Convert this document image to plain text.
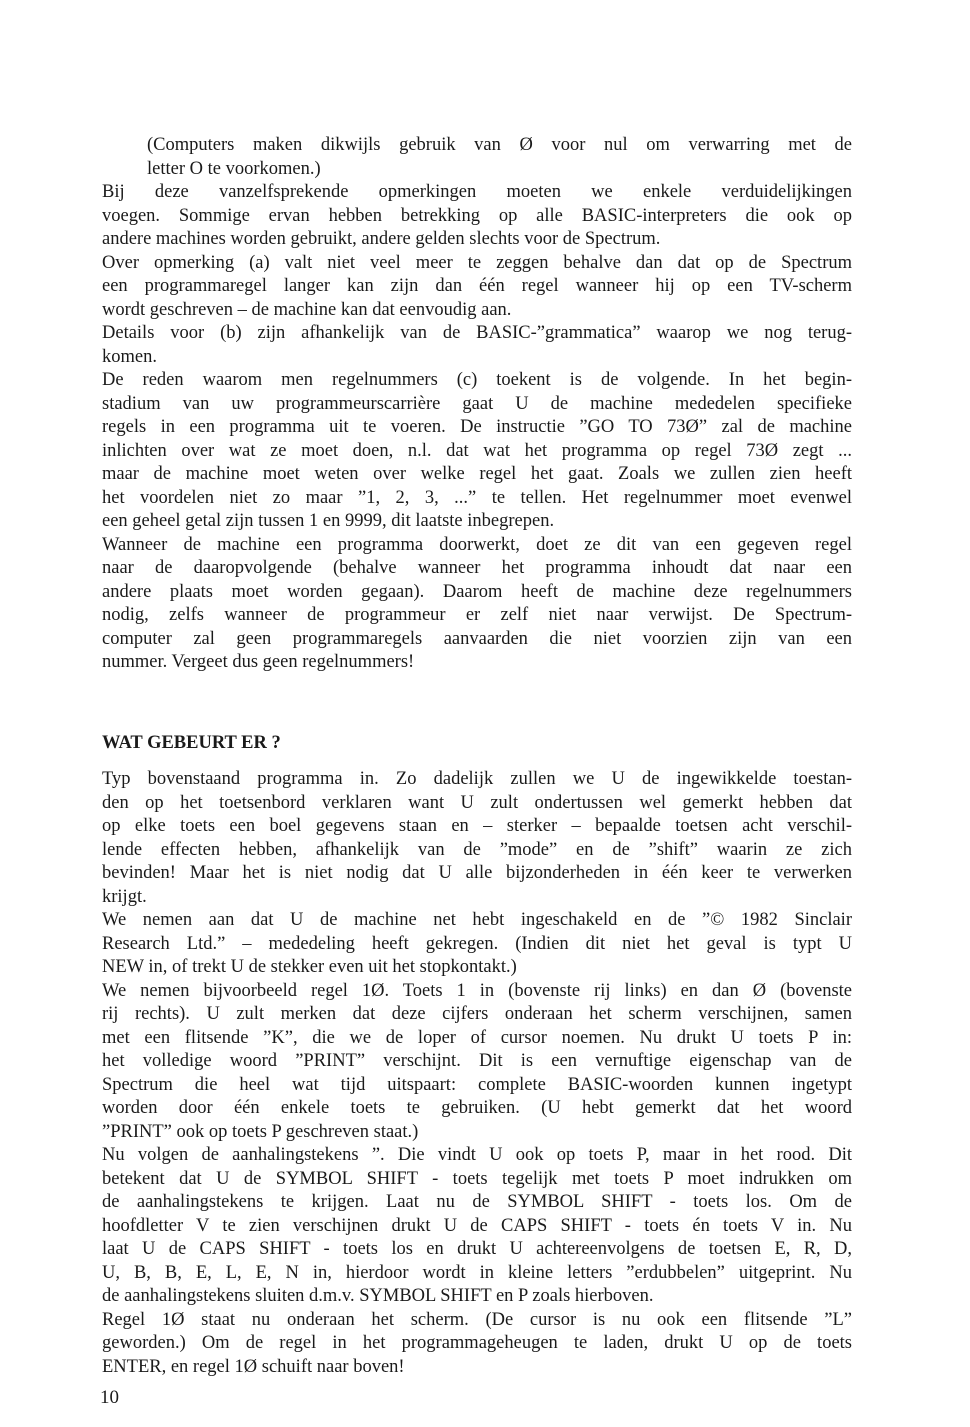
(Computers maken dikwijls gebruik van Ø voor nul om verwarring met de
letter O te voorkomen.)
Bij deze vanzelfsprekende opmerkingen moeten we enkele verduidelijkingen
voegen. Sommige ervan hebben betrekking op alle BASIC-interpreters die ook op
andere machines worden gebruikt, andere gelden slechts voor de Spectrum.
Over opmerking (a) valt niet veel meer te zeggen behalve dan dat op de Spectrum
een programmaregel langer kan zijn dan één regel wanneer hij op een TV-scherm
wordt geschreven – de machine kan dat eenvoudig aan.
Details voor (b) zijn afhankelijk van de BASIC-”grammatica” waarop we nog terug-
komen.
De reden waarom men regelnummers (c) toekent is de volgende. In het begin-
stadium van uw programmeurscarrière gaat U de machine mededelen specifieke
regels in een programma uit te voeren. De instructie ”GO TO 73Ø” zal de machine
inlichten over wat ze moet doen, n.l. dat wat het programma op regel 73Ø zegt ...
maar de machine moet weten over welke regel het gaat. Zoals we zullen zien heeft
het voordelen niet zo maar ”1, 2, 3, ...” te tellen. Het regelnummer moet evenwel
een geheel getal zijn tussen 1 en 9999, dit laatste inbegrepen.
Wanneer de machine een programma doorwerkt, doet ze dit van een gegeven regel
naar de daaropvolgende (behalve wanneer het programma inhoudt dat naar een
andere plaats moet worden gegaan). Daarom heeft de machine deze regelnummers
nodig, zelfs wanneer de programmeur er zelf niet naar verwijst. De Spectrum-
computer zal geen programmaregels aanvaarden die niet voorzien zijn van een
nummer. Vergeet dus geen regelnummers!
WAT GEBEURT ER ?
Typ bovenstaand programma in. Zo dadelijk zullen we U de ingewikkelde toestan-
den op het toetsenbord verklaren want U zult ondertussen wel gemerkt hebben dat
op elke toets een boel gegevens staan en – sterker – bepaalde toetsen acht verschil-
lende effecten hebben, afhankelijk van de ”mode” en de ”shift” waarin ze zich
bevinden! Maar het is niet nodig dat U alle bijzonderheden in één keer te verwerken
krijgt.
We nemen aan dat U de machine net hebt ingeschakeld en de ”© 1982 Sinclair
Research Ltd.” – mededeling heeft gekregen. (Indien dit niet het geval is typt U
NEW in, of trekt U de stekker even uit het stopkontakt.)
We nemen bijvoorbeeld regel 1Ø. Toets 1 in (bovenste rij links) en dan Ø (bovenste
rij rechts). U zult merken dat deze cijfers onderaan het scherm verschijnen, samen
met een flitsende ”K”, die we de loper of cursor noemen. Nu drukt U toets P in:
het volledige woord ”PRINT” verschijnt. Dit is een vernuftige eigenschap van de
Spectrum die heel wat tijd uitspaart: complete BASIC-woorden kunnen ingetypt
worden door één enkele toets te gebruiken. (U hebt gemerkt dat het woord
”PRINT” ook op toets P geschreven staat.)
Nu volgen de aanhalingstekens ”. Die vindt U ook op toets P, maar in het rood. Dit
betekent dat U de SYMBOL SHIFT - toets tegelijk met toets P moet indrukken om
de aanhalingstekens te krijgen. Laat nu de SYMBOL SHIFT - toets los. Om de
hoofdletter V te zien verschijnen drukt U de CAPS SHIFT - toets én toets V in. Nu
laat U de CAPS SHIFT - toets los en drukt U achtereenvolgens de toetsen E, R, D,
U, B, B, E, L, E, N in, hierdoor wordt in kleine letters ”erdubbelen” uitgeprint. Nu
de aanhalingstekens sluiten d.m.v. SYMBOL SHIFT en P zoals hierboven.
Regel 1Ø staat nu onderaan het scherm. (De cursor is nu ook een flitsende ”L”
geworden.) Om de regel in het programmageheugen te laden, drukt U op de toets
ENTER, en regel 1Ø schuift naar boven!
10
